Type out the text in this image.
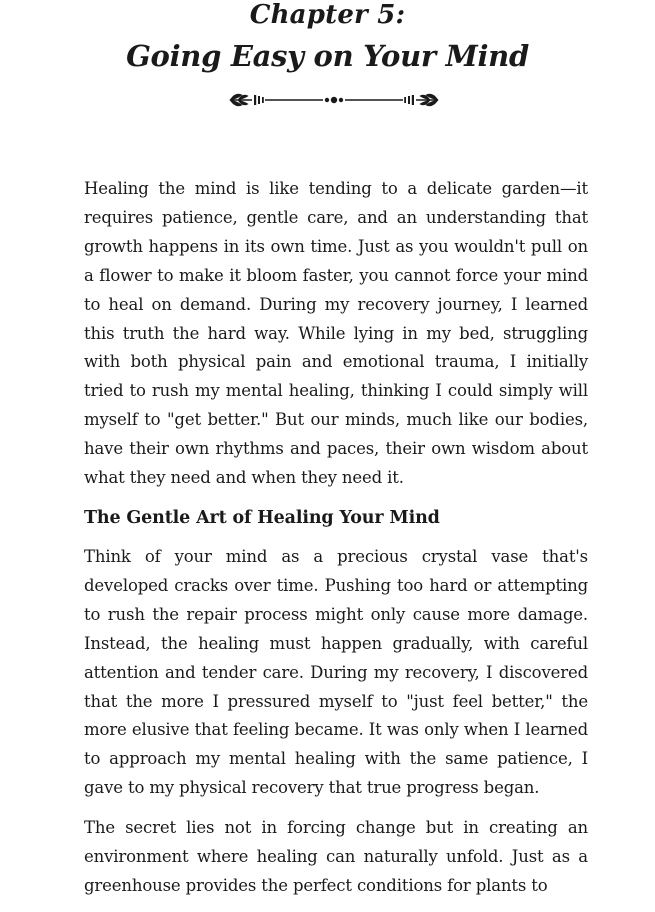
Chapter 5:
Going Easy on Your Mind

Healing the mind is like tending to a delicate garden—it requires patience, gentle care, and an understanding that growth happens in its own time. Just as you wouldn't pull on a flower to make it bloom faster, you cannot force your mind to heal on demand. During my recovery journey, I learned this truth the hard way. While lying in my bed, struggling with both physical pain and emotional trauma, I initially tried to rush my mental healing, thinking I could simply will myself to "get better." But our minds, much like our bodies, have their own rhythms and paces, their own wisdom about what they need and when they need it.

The Gentle Art of Healing Your Mind

Think of your mind as a precious crystal vase that's developed cracks over time. Pushing too hard or attempting to rush the repair process might only cause more damage. Instead, the healing must happen gradually, with careful attention and tender care. During my recovery, I discovered that the more I pressured myself to "just feel better," the more elusive that feeling became. It was only when I learned to approach my mental healing with the same patience, I gave to my physical recovery that true progress began.

The secret lies not in forcing change but in creating an environment where healing can naturally unfold. Just as a greenhouse provides the perfect conditions for plants to
